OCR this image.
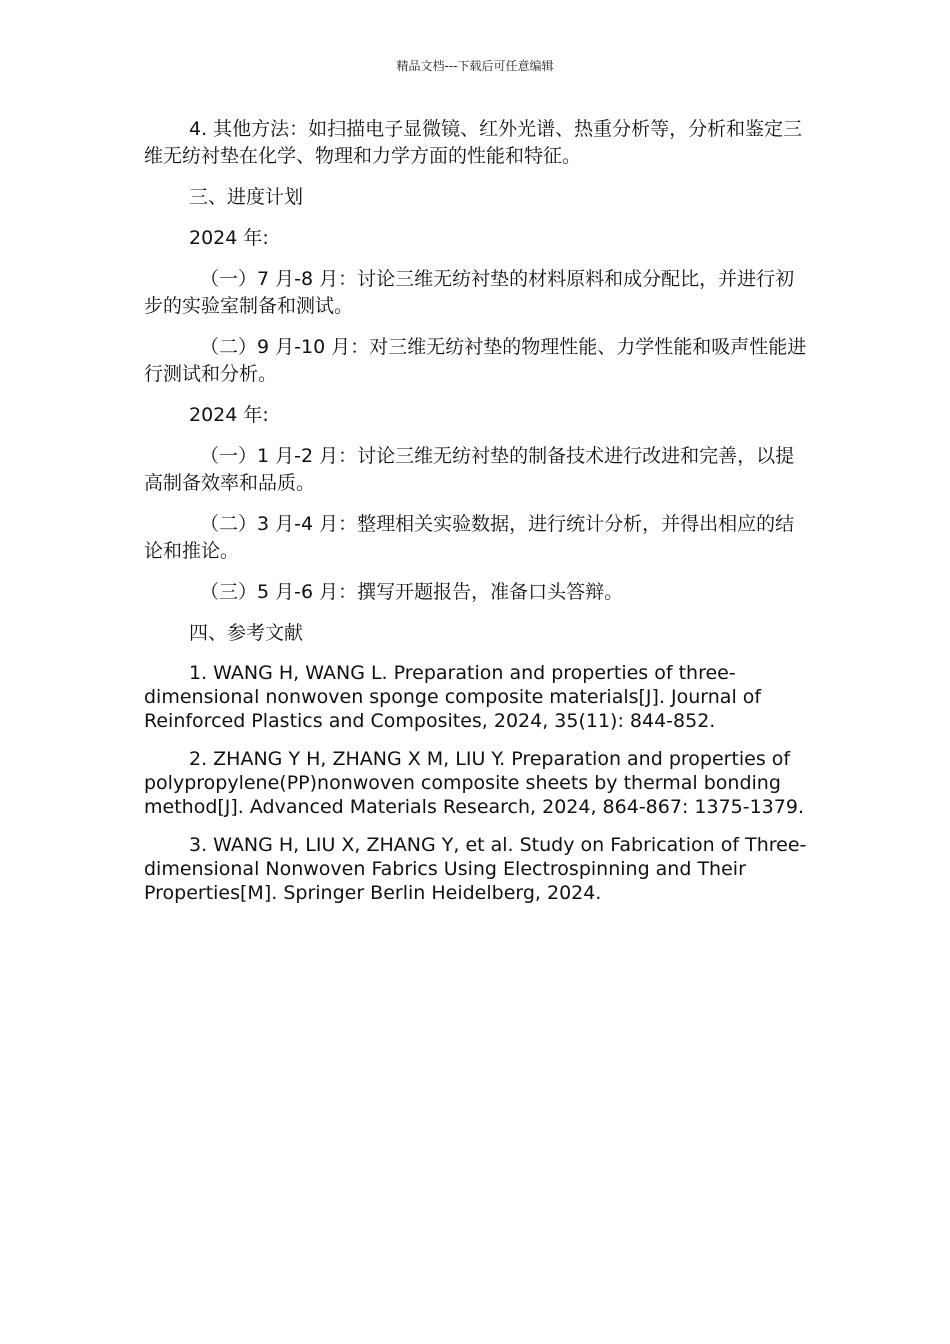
精品文档---下载后可任意编辑

4. 其他方法：如扫描电子显微镜、红外光谱、热重分析等，分析和鉴定三维无纺衬垫在化学、物理和力学方面的性能和特征。

三、进度计划

2024 年:

（一）7 月-8 月：讨论三维无纺衬垫的材料原料和成分配比，并进行初步的实验室制备和测试。

（二）9 月-10 月：对三维无纺衬垫的物理性能、力学性能和吸声性能进行测试和分析。

2024 年:

（一）1 月-2 月：讨论三维无纺衬垫的制备技术进行改进和完善，以提高制备效率和品质。

（二）3 月-4 月：整理相关实验数据，进行统计分析，并得出相应的结论和推论。

（三）5 月-6 月：撰写开题报告，准备口头答辩。

四、参考文献

1. WANG H, WANG L. Preparation and properties of three-dimensional nonwoven sponge composite materials[J]. Journal of Reinforced Plastics and Composites, 2024, 35(11): 844-852.

2. ZHANG Y H, ZHANG X M, LIU Y. Preparation and properties of polypropylene(PP)nonwoven composite sheets by thermal bonding method[J]. Advanced Materials Research, 2024, 864-867: 1375-1379.

3. WANG H, LIU X, ZHANG Y, et al. Study on Fabrication of Three-dimensional Nonwoven Fabrics Using Electrospinning and Their Properties[M]. Springer Berlin Heidelberg, 2024.
